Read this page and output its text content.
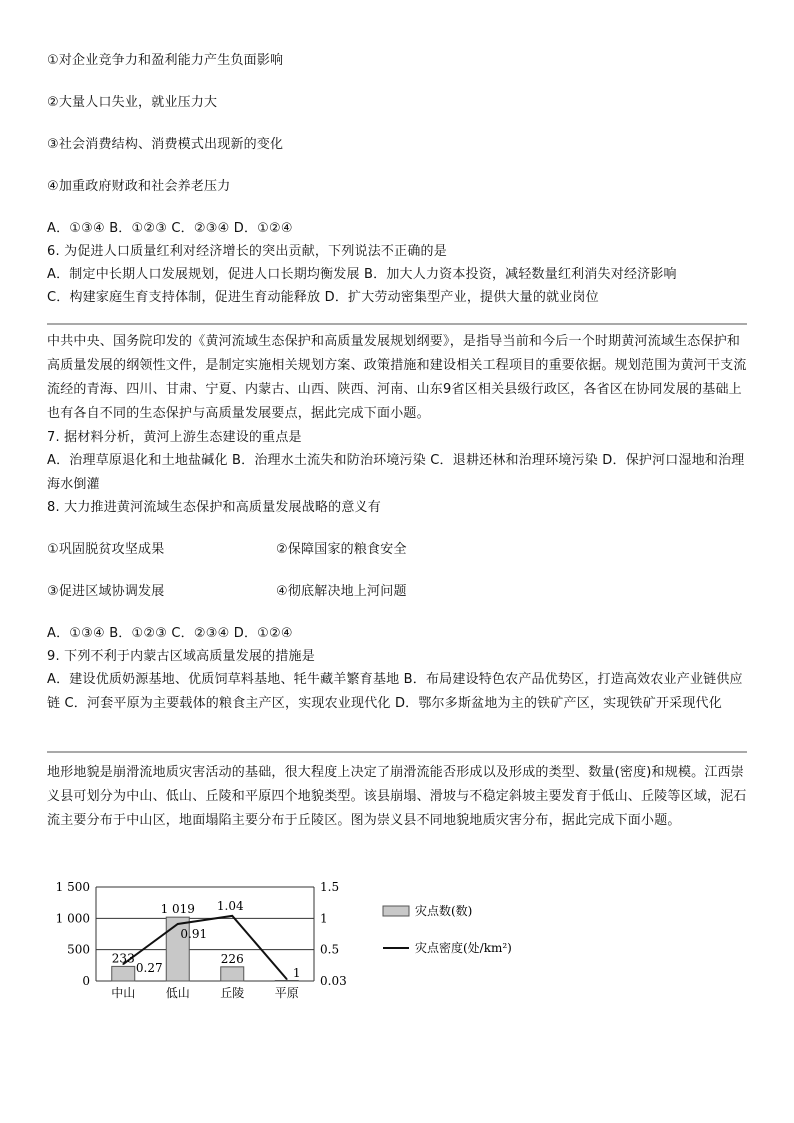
①对企业竞争力和盈利能力产生负面影响
②大量人口失业，就业压力大
③社会消费结构、消费模式出现新的变化
④加重政府财政和社会养老压力
A．①③④ B．①②③ C．②③④ D．①②④
6. 为促进人口质量红利对经济增长的突出贡献，下列说法不正确的是
A．制定中长期人口发展规划，促进人口长期均衡发展 B．加大人力资本投资，减轻数量红利消失对经济影响
C．构建家庭生育支持体制，促进生育动能释放 D．扩大劳动密集型产业，提供大量的就业岗位
中共中央、国务院印发的《黄河流域生态保护和高质量发展规划纲要》，是指导当前和今后一个时期黄河流域生态保护和高质量发展的纲领性文件，是制定实施相关规划方案、政策措施和建设相关工程项目的重要依据。规划范围为黄河干支流流经的青海、四川、甘肃、宁夏、内蒙古、山西、陕西、河南、山东9省区相关县级行政区，各省区在协同发展的基础上也有各自不同的生态保护与高质量发展要点，据此完成下面小题。
7. 据材料分析，黄河上游生态建设的重点是
A．治理草原退化和土地盐碱化 B．治理水土流失和防治环境污染 C．退耕还林和治理环境污染 D．保护河口湿地和治理海水倒灌
8. 大力推进黄河流域生态保护和高质量发展战略的意义有
①巩固脱贫攻坚成果	②保障国家的粮食安全
③促进区域协调发展	④彻底解决地上河问题
A．①③④ B．①②③ C．②③④ D．①②④
9. 下列不利于内蒙古区域高质量发展的措施是
A．建设优质奶源基地、优质饲草料基地、牦牛藏羊繁育基地 B．布局建设特色农产品优势区，打造高效农业产业链供应链 C．河套平原为主要载体的粮食主产区，实现农业现代化 D．鄂尔多斯盆地为主的铁矿产区，实现铁矿开采现代化
地形地貌是崩滑流地质灾害活动的基础，很大程度上决定了崩滑流能否形成以及形成的类型、数量(密度)和规模。江西崇义县可划分为中山、低山、丘陵和平原四个地貌类型。该县崩塌、滑坡与不稳定斜坡主要发育于低山、丘陵等区域，泥石流主要分布于中山区，地面塌陷主要分布于丘陵区。图为崇义县不同地貌地质灾害分布，据此完成下面小题。
0
500
1 000
1 500
0.03
0.5
1
1.5
中山	低山	丘陵	平原
233
1 019
226
1
0.27
0.91
1.04	灾点数(数)
灾点密度(处/km²)
